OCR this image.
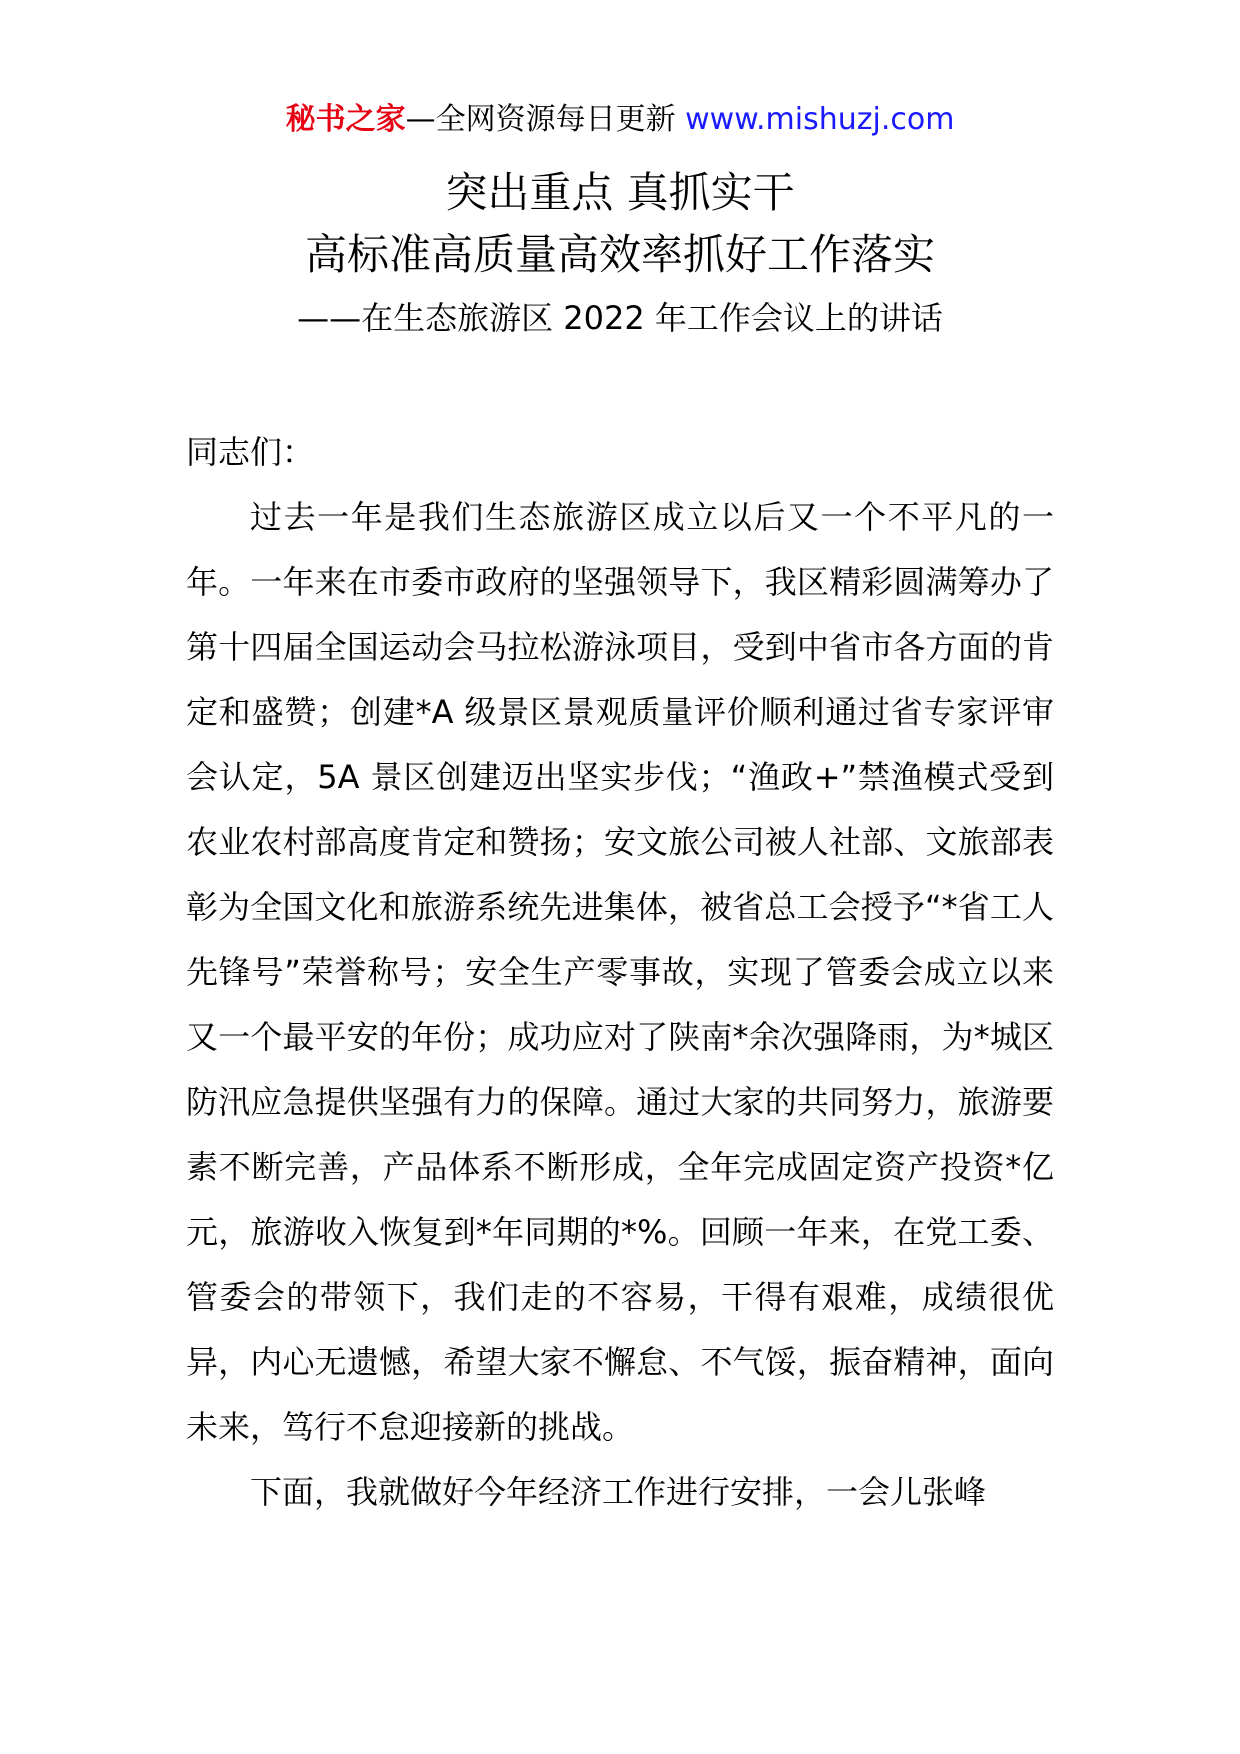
秘书之家—全网资源每日更新 www.mishuzj.com
突出重点 真抓实干
高标准高质量高效率抓好工作落实
——在生态旅游区 2022 年工作会议上的讲话

同志们：

过去一年是我们生态旅游区成立以后又一个不平凡的一年。一年来在市委市政府的坚强领导下，我区精彩圆满筹办了第十四届全国运动会马拉松游泳项目，受到中省市各方面的肯定和盛赞；创建*A 级景区景观质量评价顺利通过省专家评审会认定，5A 景区创建迈出坚实步伐；“渔政+”禁渔模式受到农业农村部高度肯定和赞扬；安文旅公司被人社部、文旅部表彰为全国文化和旅游系统先进集体，被省总工会授予“*省工人先锋号”荣誉称号；安全生产零事故，实现了管委会成立以来又一个最平安的年份；成功应对了陕南*余次强降雨，为*城区防汛应急提供坚强有力的保障。通过大家的共同努力，旅游要素不断完善，产品体系不断形成，全年完成固定资产投资*亿元，旅游收入恢复到*年同期的*%。回顾一年来，在党工委、管委会的带领下，我们走的不容易，干得有艰难，成绩很优异，内心无遗憾，希望大家不懈怠、不气馁，振奋精神，面向未来，笃行不怠迎接新的挑战。

下面，我就做好今年经济工作进行安排，一会儿张峰
